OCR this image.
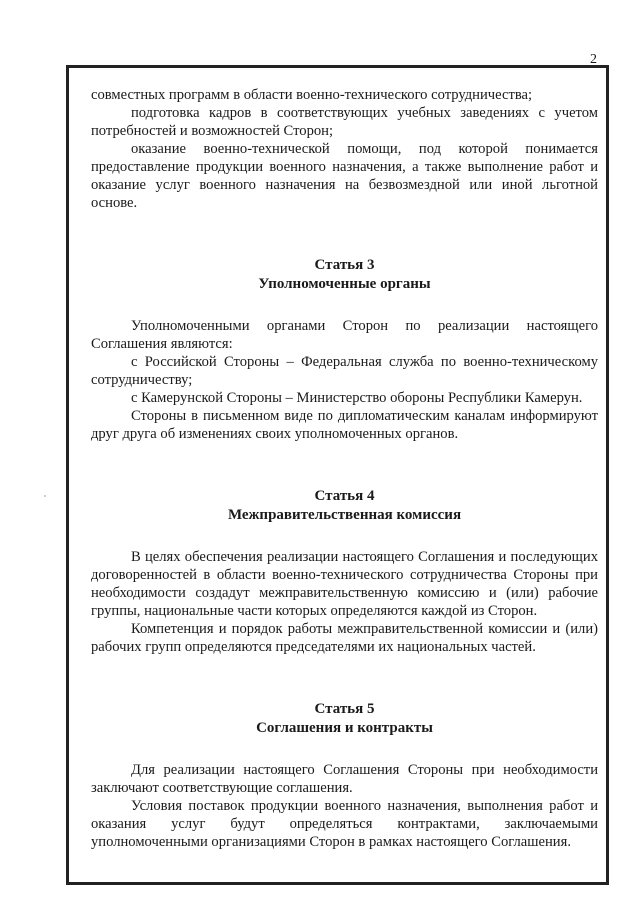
2

совместных программ в области военно-технического сотрудничества;

подготовка кадров в соответствующих учебных заведениях с учетом потребностей и возможностей Сторон;

оказание военно-технической помощи, под которой понимается предоставление продукции военного назначения, а также выполнение работ и оказание услуг военного назначения на безвозмездной или иной льготной основе.

Статья 3
Уполномоченные органы

Уполномоченными органами Сторон по реализации настоящего Соглашения являются:

с Российской Стороны – Федеральная служба по военно-техническому сотрудничеству;

с Камерунской Стороны – Министерство обороны Республики Камерун.

Стороны в письменном виде по дипломатическим каналам информируют друг друга об изменениях своих уполномоченных органов.

Статья 4
Межправительственная комиссия

В целях обеспечения реализации настоящего Соглашения и последующих договоренностей в области военно-технического сотрудничества Стороны при необходимости создадут межправительственную комиссию и (или) рабочие группы, национальные части которых определяются каждой из Сторон.

Компетенция и порядок работы межправительственной комиссии и (или) рабочих групп определяются председателями их национальных частей.

Статья 5
Соглашения и контракты

Для реализации настоящего Соглашения Стороны при необходимости заключают соответствующие соглашения.

Условия поставок продукции военного назначения, выполнения работ и оказания услуг будут определяться контрактами, заключаемыми уполномоченными организациями Сторон в рамках настоящего Соглашения.
